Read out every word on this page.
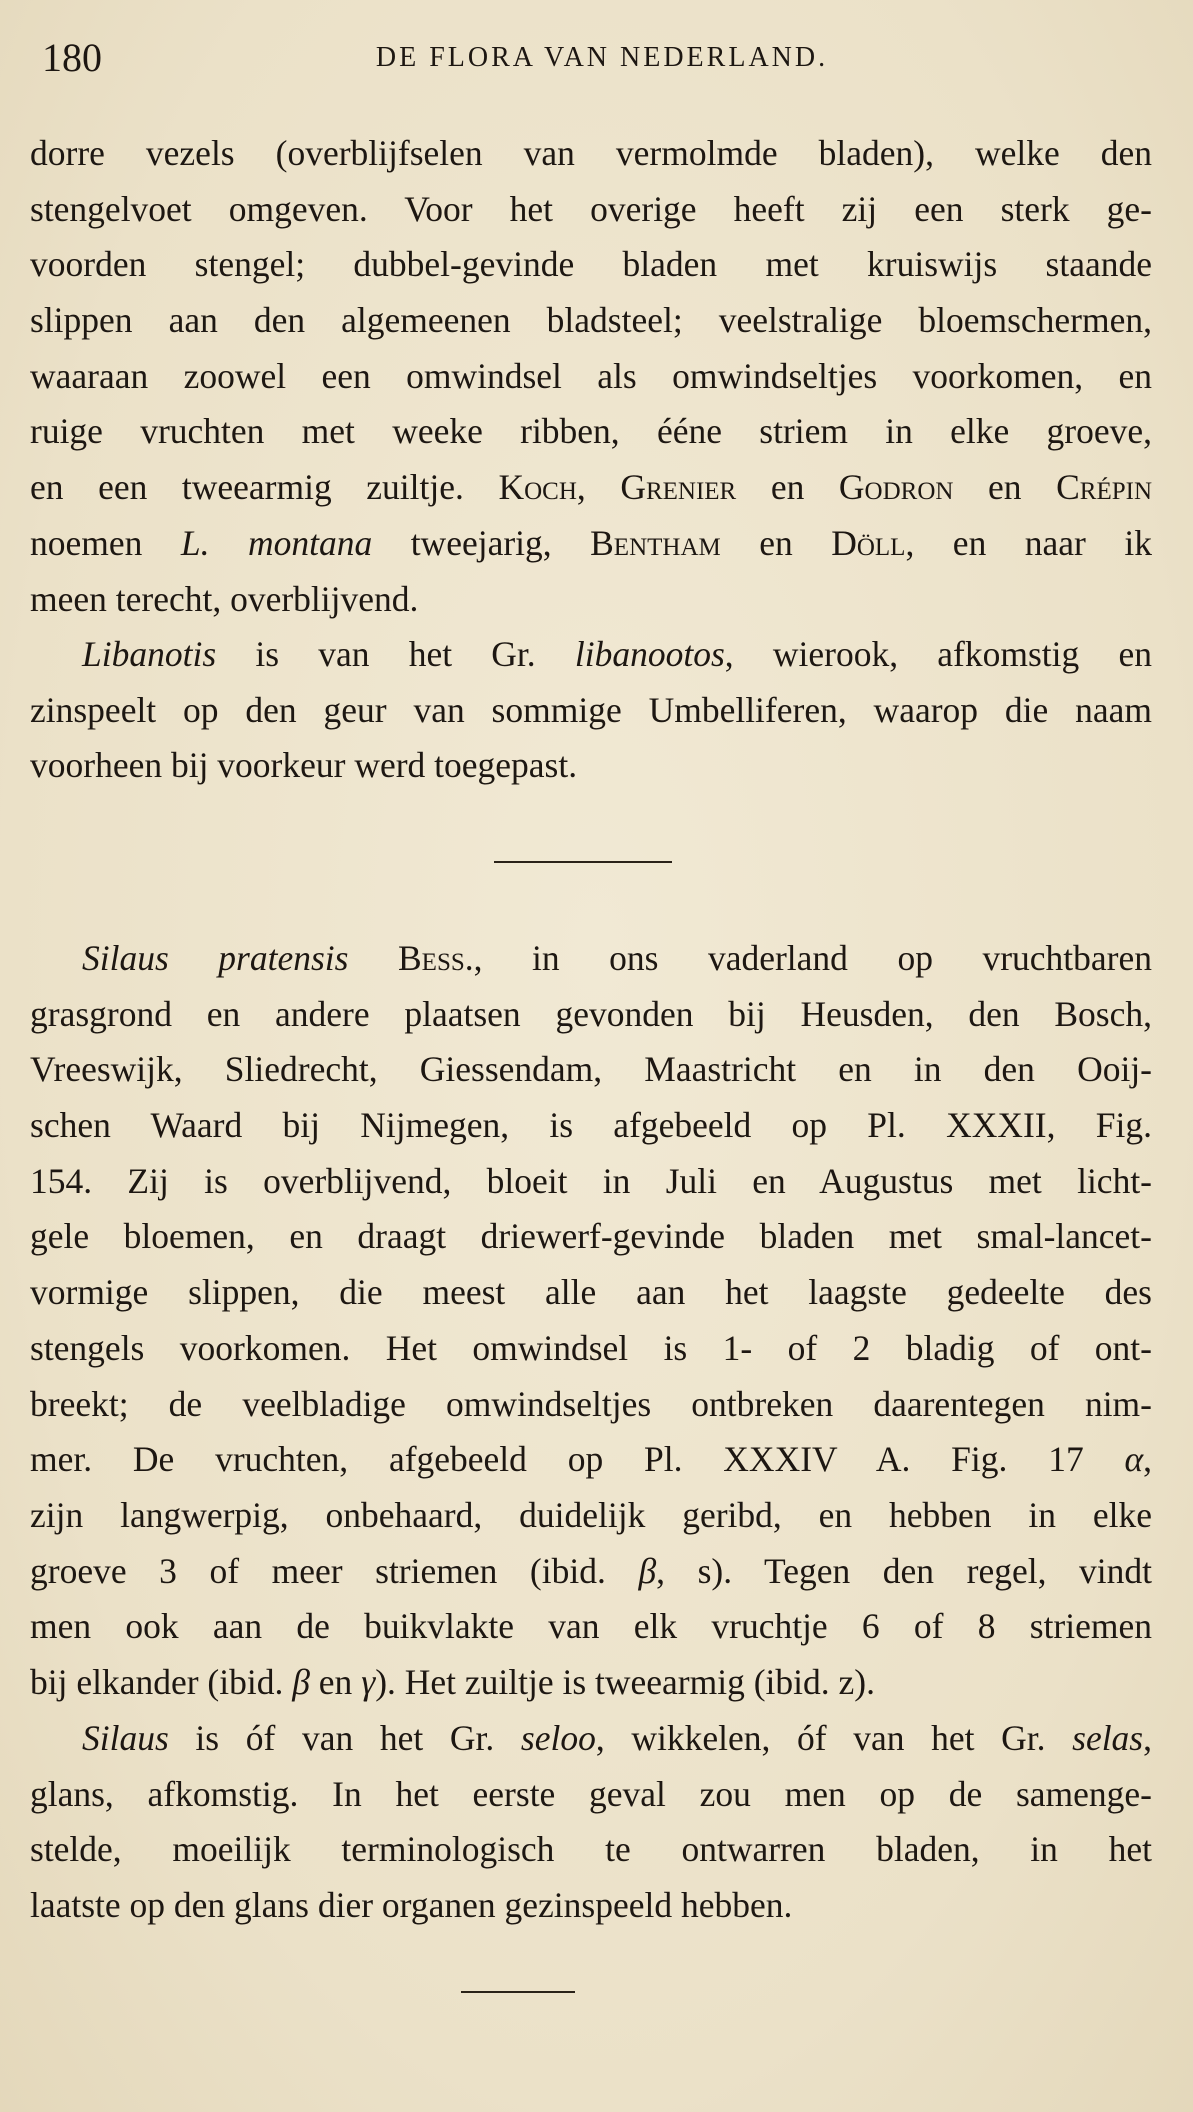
180	DE FLORA VAN NEDERLAND.
dorre vezels (overblijfselen van vermolmde bladen), welke den
stengelvoet omgeven. Voor het overige heeft zij een sterk ge-
voorden stengel; dubbel-gevinde bladen met kruiswijs staande
slippen aan den algemeenen bladsteel; veelstralige bloemschermen,
waaraan zoowel een omwindsel als omwindseltjes voorkomen, en
ruige vruchten met weeke ribben, ééne striem in elke groeve,
en een tweearmig zuiltje. Koch, Grenier en Godron en Crépin
noemen L. montana tweejarig, Bentham en Döll, en naar ik
meen terecht, overblijvend.
Libanotis is van het Gr. libanootos, wierook, afkomstig en
zinspeelt op den geur van sommige Umbelliferen, waarop die naam
voorheen bij voorkeur werd toegepast.
Silaus pratensis Bess., in ons vaderland op vruchtbaren
grasgrond en andere plaatsen gevonden bij Heusden, den Bosch,
Vreeswijk, Sliedrecht, Giessendam, Maastricht en in den Ooij-
schen Waard bij Nijmegen, is afgebeeld op Pl. XXXII, Fig.
154. Zij is overblijvend, bloeit in Juli en Augustus met licht-
gele bloemen, en draagt driewerf-gevinde bladen met smal-lancet-
vormige slippen, die meest alle aan het laagste gedeelte des
stengels voorkomen. Het omwindsel is 1- of 2 bladig of ont-
breekt; de veelbladige omwindseltjes ontbreken daarentegen nim-
mer. De vruchten, afgebeeld op Pl. XXXIV A. Fig. 17 α,
zijn langwerpig, onbehaard, duidelijk geribd, en hebben in elke
groeve 3 of meer striemen (ibid. β, s). Tegen den regel, vindt
men ook aan de buikvlakte van elk vruchtje 6 of 8 striemen
bij elkander (ibid. β en γ). Het zuiltje is tweearmig (ibid. z).
Silaus is óf van het Gr. seloo, wikkelen, óf van het Gr. selas,
glans, afkomstig. In het eerste geval zou men op de samenge-
stelde, moeilijk terminologisch te ontwarren bladen, in het
laatste op den glans dier organen gezinspeeld hebben.
